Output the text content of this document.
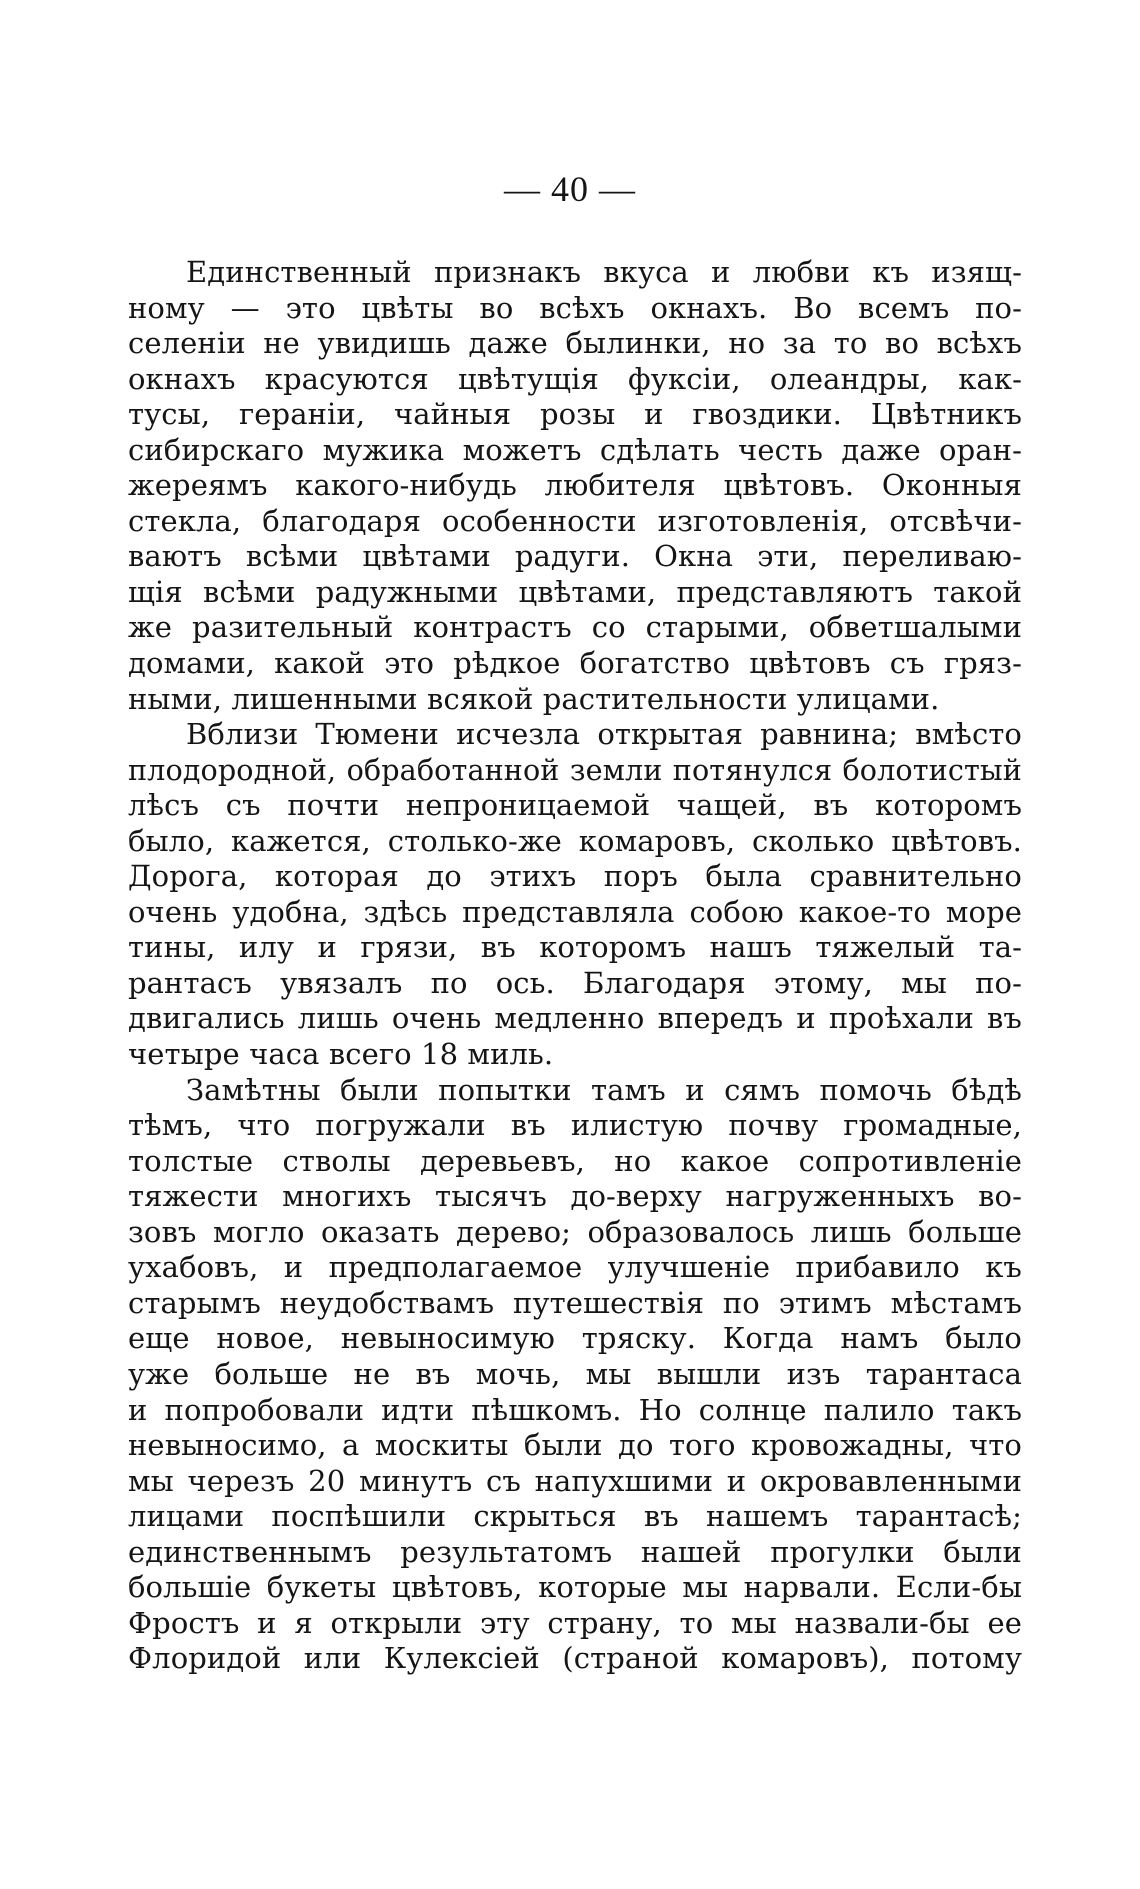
— 40 —
Единственный признакъ вкуса и любви къ изящ-
ному — это цвѣты во всѣхъ окнахъ. Во всемъ по-
селеніи не увидишь даже былинки, но за то во всѣхъ
окнахъ красуются цвѣтущія фуксіи, олеандры, как-
тусы, гераніи, чайныя розы и гвоздики. Цвѣтникъ
сибирскаго мужика можетъ сдѣлать честь даже оран-
жереямъ какого-нибудь любителя цвѣтовъ. Оконныя
стекла, благодаря особенности изготовленія, отсвѣчи-
ваютъ всѣми цвѣтами радуги. Окна эти, переливаю-
щія всѣми радужными цвѣтами, представляютъ такой
же разительный контрастъ со старыми, обветшалыми
домами, какой это рѣдкое богатство цвѣтовъ съ гряз-
ными, лишенными всякой растительности улицами.
Вблизи Тюмени исчезла открытая равнина; вмѣсто
плодородной, обработанной земли потянулся болотистый
лѣсъ съ почти непроницаемой чащей, въ которомъ
было, кажется, столько-же комаровъ, сколько цвѣтовъ.
Дорога, которая до этихъ поръ была сравнительно
очень удобна, здѣсь представляла собою какое-то море
тины, илу и грязи, въ которомъ нашъ тяжелый та-
рантасъ увязалъ по ось. Благодаря этому, мы по-
двигались лишь очень медленно впередъ и проѣхали въ
четыре часа всего 18 миль.
Замѣтны были попытки тамъ и сямъ помочь бѣдѣ
тѣмъ, что погружали въ илистую почву громадные,
толстые стволы деревьевъ, но какое сопротивленіе
тяжести многихъ тысячъ до-верху нагруженныхъ во-
зовъ могло оказать дерево; образовалось лишь больше
ухабовъ, и предполагаемое улучшеніе прибавило къ
старымъ неудобствамъ путешествія по этимъ мѣстамъ
еще новое, невыносимую тряску. Когда намъ было
уже больше не въ мочь, мы вышли изъ тарантаса
и попробовали идти пѣшкомъ. Но солнце палило такъ
невыносимо, а москиты были до того кровожадны, что
мы черезъ 20 минутъ съ напухшими и окровавленными
лицами поспѣшили скрыться въ нашемъ тарантасѣ;
единственнымъ результатомъ нашей прогулки были
большіе букеты цвѣтовъ, которые мы нарвали. Если-бы
Фростъ и я открыли эту страну, то мы назвали-бы ее
Флоридой или Кулексіей (страной комаровъ), потому
